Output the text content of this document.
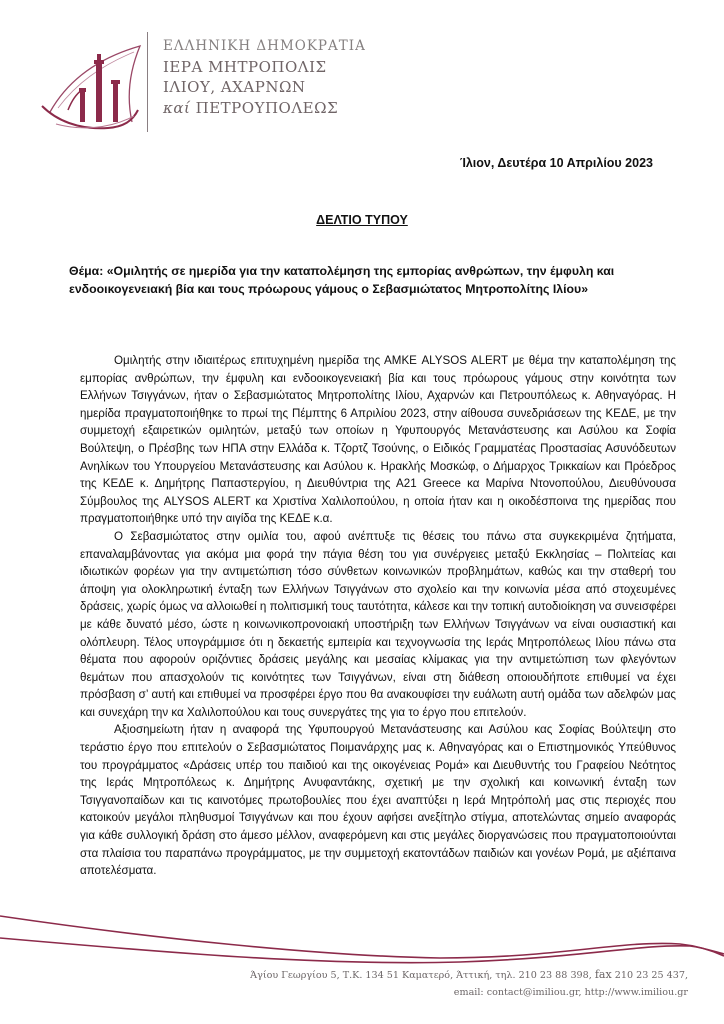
ΕΛΛΗΝΙΚΗ ΔΗΜΟΚΡΑΤΙΑ
ΙΕΡΑ ΜΗΤΡΟΠΟΛΙΣ
ΙΛΙΟΥ, ΑΧΑΡΝΩΝ
καί ΠΕΤΡΟΥΠΟΛΕΩΣ
Ίλιον, Δευτέρα 10 Απριλίου 2023
ΔΕΛΤΙΟ ΤΥΠΟΥ
Θέμα: «Ομιλητής σε ημερίδα για την καταπολέμηση της εμπορίας ανθρώπων, την έμφυλη και ενδοοικογενειακή βία και τους πρόωρους γάμους ο Σεβασμιώτατος Μητροπολίτης Ιλίου»

Ομιλητής στην ιδιαιτέρως επιτυχημένη ημερίδα της ΑΜΚΕ ALYSOS ALERT με θέμα την καταπολέμηση της εμπορίας ανθρώπων, την έμφυλη και ενδοοικογενειακή βία και τους πρόωρους γάμους στην κοινότητα των Ελλήνων Τσιγγάνων, ήταν ο Σεβασμιώτατος Μητροπολίτης Ιλίου, Αχαρνών και Πετρουπόλεως κ. Αθηναγόρας. Η ημερίδα πραγματοποιήθηκε το πρωί της Πέμπτης 6 Απριλίου 2023, στην αίθουσα συνεδριάσεων της ΚΕΔΕ, με την συμμετοχή εξαιρετικών ομιλητών, μεταξύ των οποίων η Υφυπουργός Μετανάστευσης και Ασύλου κα Σοφία Βούλτεψη, ο Πρέσβης των ΗΠΑ στην Ελλάδα κ. Τζορτζ Τσούνης, ο Ειδικός Γραμματέας Προστασίας Ασυνόδευτων Ανηλίκων του Υπουργείου Μετανάστευσης και Ασύλου κ. Ηρακλής Μοσκώφ, ο Δήμαρχος Τρικκαίων και Πρόεδρος της ΚΕΔΕ κ. Δημήτρης Παπαστεργίου, η Διευθύντρια της Α21 Greece κα Μαρίνα Ντονοπούλου, Διευθύνουσα Σύμβουλος της ALYSOS ALERT κα Χριστίνα Χαλιλοπούλου, η οποία ήταν και η οικοδέσποινα της ημερίδας που πραγματοποιήθηκε υπό την αιγίδα της ΚΕΔΕ κ.α.

Ο Σεβασμιώτατος στην ομιλία του, αφού ανέπτυξε τις θέσεις του πάνω στα συγκεκριμένα ζητήματα, επαναλαμβάνοντας για ακόμα μια φορά την πάγια θέση του για συνέργειες μεταξύ Εκκλησίας – Πολιτείας και ιδιωτικών φορέων για την αντιμετώπιση τόσο σύνθετων κοινωνικών προβλημάτων, καθώς και την σταθερή του άποψη για ολοκληρωτική ένταξη των Ελλήνων Τσιγγάνων στο σχολείο και την κοινωνία μέσα από στοχευμένες δράσεις, χωρίς όμως να αλλοιωθεί η πολιτισμική τους ταυτότητα, κάλεσε και την τοπική αυτοδιοίκηση να συνεισφέρει με κάθε δυνατό μέσο, ώστε η κοινωνικοπρονοιακή υποστήριξη των Ελλήνων Τσιγγάνων να είναι ουσιαστική και ολόπλευρη. Τέλος υπογράμμισε ότι η δεκαετής εμπειρία και τεχνογνωσία της Ιεράς Μητροπόλεως Ιλίου πάνω στα θέματα που αφορούν οριζόντιες δράσεις μεγάλης και μεσαίας κλίμακας για την αντιμετώπιση των φλεγόντων θεμάτων που απασχολούν τις κοινότητες των Τσιγγάνων, είναι στη διάθεση οποιουδήποτε επιθυμεί να έχει πρόσβαση σ’ αυτή και επιθυμεί να προσφέρει έργο που θα ανακουφίσει την ευάλωτη αυτή ομάδα των αδελφών μας και συνεχάρη την κα Χαλιλοπούλου και τους συνεργάτες της για το έργο που επιτελούν.

Αξιοσημείωτη ήταν η αναφορά της Υφυπουργού Μετανάστευσης και Ασύλου κας Σοφίας Βούλτεψη στο τεράστιο έργο που επιτελούν ο Σεβασμιώτατος Ποιμανάρχης μας κ. Αθηναγόρας και ο Επιστημονικός Υπεύθυνος του προγράμματος «Δράσεις υπέρ του παιδιού και της οικογένειας Ρομά» και Διευθυντής του Γραφείου Νεότητος της Ιεράς Μητροπόλεως κ. Δημήτρης Ανυφαντάκης, σχετική με την σχολική και κοινωνική ένταξη των Τσιγγανοπαίδων και τις καινοτόμες πρωτοβουλίες που έχει αναπτύξει η Ιερά Μητρόπολή μας στις περιοχές που κατοικούν μεγάλοι πληθυσμοί Τσιγγάνων και που έχουν αφήσει ανεξίτηλο στίγμα, αποτελώντας σημείο αναφοράς για κάθε συλλογική δράση στο άμεσο μέλλον, αναφερόμενη και στις μεγάλες διοργανώσεις που πραγματοποιούνται στα πλαίσια του παραπάνω προγράμματος, με την συμμετοχή εκατοντάδων παιδιών και γονέων Ρομά, με αξιέπαινα αποτελέσματα.

Άγίου Γεωργίου 5, Τ.Κ. 134 51 Καματερό, Άττική, τηλ. 210 23 88 398, fax 210 23 25 437,
email: contact@imiliou.gr, http://www.imiliou.gr
